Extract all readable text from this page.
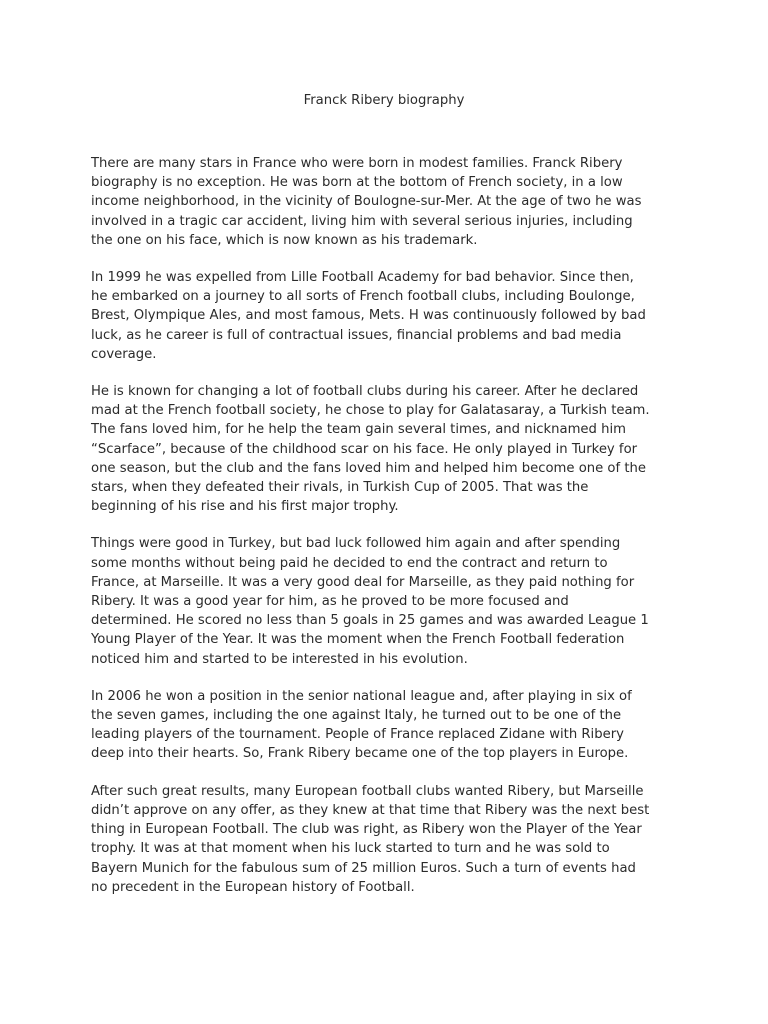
Franck Ribery biography

There are many stars in France who were born in modest families. Franck Ribery
biography is no exception. He was born at the bottom of French society, in a low
income neighborhood, in the vicinity of Boulogne-sur-Mer. At the age of two he was
involved in a tragic car accident, living him with several serious injuries, including
the one on his face, which is now known as his trademark.

In 1999 he was expelled from Lille Football Academy for bad behavior. Since then,
he embarked on a journey to all sorts of French football clubs, including Boulonge,
Brest, Olympique Ales, and most famous, Mets. H was continuously followed by bad
luck, as he career is full of contractual issues, financial problems and bad media
coverage.

He is known for changing a lot of football clubs during his career. After he declared
mad at the French football society, he chose to play for Galatasaray, a Turkish team.
The fans loved him, for he help the team gain several times, and nicknamed him
“Scarface”, because of the childhood scar on his face. He only played in Turkey for
one season, but the club and the fans loved him and helped him become one of the
stars, when they defeated their rivals, in Turkish Cup of 2005. That was the
beginning of his rise and his first major trophy.

Things were good in Turkey, but bad luck followed him again and after spending
some months without being paid he decided to end the contract and return to
France, at Marseille. It was a very good deal for Marseille, as they paid nothing for
Ribery. It was a good year for him, as he proved to be more focused and
determined. He scored no less than 5 goals in 25 games and was awarded League 1
Young Player of the Year. It was the moment when the French Football federation
noticed him and started to be interested in his evolution.

In 2006 he won a position in the senior national league and, after playing in six of
the seven games, including the one against Italy, he turned out to be one of the
leading players of the tournament. People of France replaced Zidane with Ribery
deep into their hearts. So, Frank Ribery became one of the top players in Europe.

After such great results, many European football clubs wanted Ribery, but Marseille
didn’t approve on any offer, as they knew at that time that Ribery was the next best
thing in European Football. The club was right, as Ribery won the Player of the Year
trophy. It was at that moment when his luck started to turn and he was sold to
Bayern Munich for the fabulous sum of 25 million Euros. Such a turn of events had
no precedent in the European history of Football.
